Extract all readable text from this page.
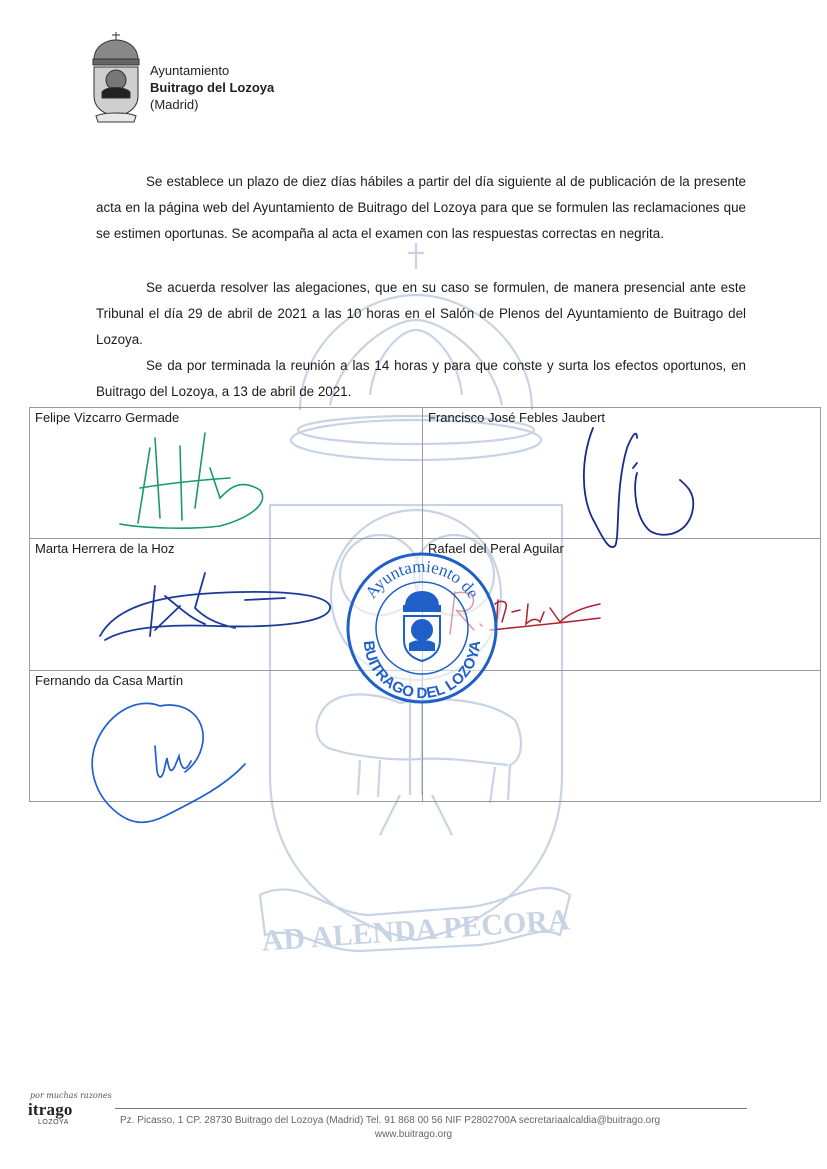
AD ALENDA PECORA
Ayuntamiento
Buitrago del Lozoya
(Madrid)
Se establece un plazo de diez días hábiles a partir del día siguiente al de publicación de la presente acta en la página web del Ayuntamiento de Buitrago del Lozoya para que se formulen las reclamaciones que se estimen oportunas. Se acompaña al acta el examen con las respuestas correctas en negrita.
Se acuerda resolver las alegaciones, que en su caso se formulen, de manera presencial ante este Tribunal el día 29 de abril de 2021 a las 10 horas en el Salón de Plenos del Ayuntamiento de Buitrago del Lozoya.
Se da por terminada la reunión a las 14 horas y para que conste y surta los efectos oportunos, en Buitrago del Lozoya, a 13 de abril de 2021.
Felipe Vizcarro Germade	Francisco José Febles Jaubert
Marta Herrera de la Hoz	Rafael del Peral Aguilar
Fernando da Casa Martín
Ayuntamiento de
BUITRAGO DEL LOZOYA
por muchas razones
itrago
LOZOYA	Pz. Picasso, 1 CP. 28730 Buitrago del Lozoya (Madrid) Tel. 91 868 00 56 NIF P2802700A secretariaalcaldia@buitrago.org
www.buitrago.org
